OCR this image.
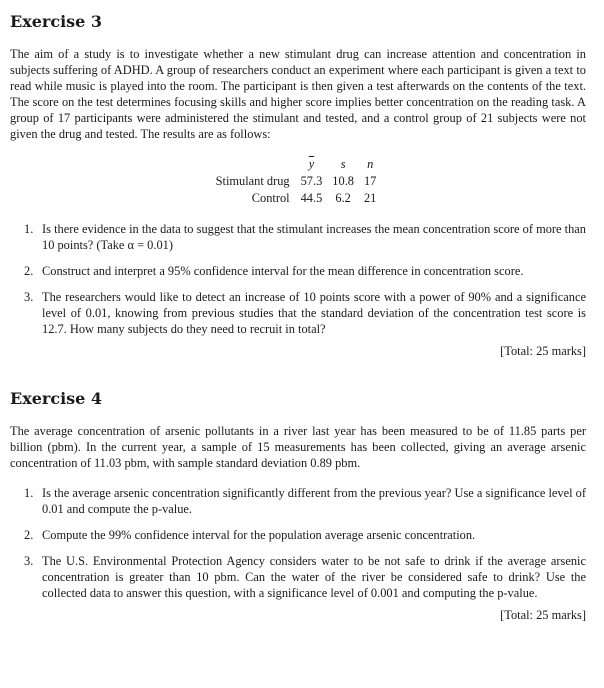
Exercise 3

The aim of a study is to investigate whether a new stimulant drug can increase attention and concentration in subjects suffering of ADHD. A group of researchers conduct an experiment where each participant is given a text to read while music is played into the room. The participant is then given a test afterwards on the contents of the text. The score on the test determines focusing skills and higher score implies better concentration on the reading task. A group of 17 participants were administered the stimulant and tested, and a control group of 21 subjects were not given the drug and tested. The results are as follows:

	$\overline{y}$	s	n
Stimulant drug	57.3	10.8	17
Control	44.5	6.2	21
1. Is there evidence in the data to suggest that the stimulant increases the mean concentration score of more than 10 points? (Take α = 0.01)
2. Construct and interpret a 95% confidence interval for the mean difference in concentration score.
3. The researchers would like to detect an increase of 10 points score with a power of 90% and a significance level of 0.01, knowing from previous studies that the standard deviation of the concentration test score is 12.7. How many subjects do they need to recruit in total?
[Total: 25 marks]
Exercise 4

The average concentration of arsenic pollutants in a river last year has been measured to be of 11.85 parts per billion (pbm). In the current year, a sample of 15 measurements has been collected, giving an average arsenic concentration of 11.03 pbm, with sample standard deviation 0.89 pbm.

1. Is the average arsenic concentration significantly different from the previous year? Use a significance level of 0.01 and compute the p-value.
2. Compute the 99% confidence interval for the population average arsenic concentration.
3. The U.S. Environmental Protection Agency considers water to be not safe to drink if the average arsenic concentration is greater than 10 pbm. Can the water of the river be considered safe to drink? Use the collected data to answer this question, with a significance level of 0.001 and computing the p-value.
[Total: 25 marks]
